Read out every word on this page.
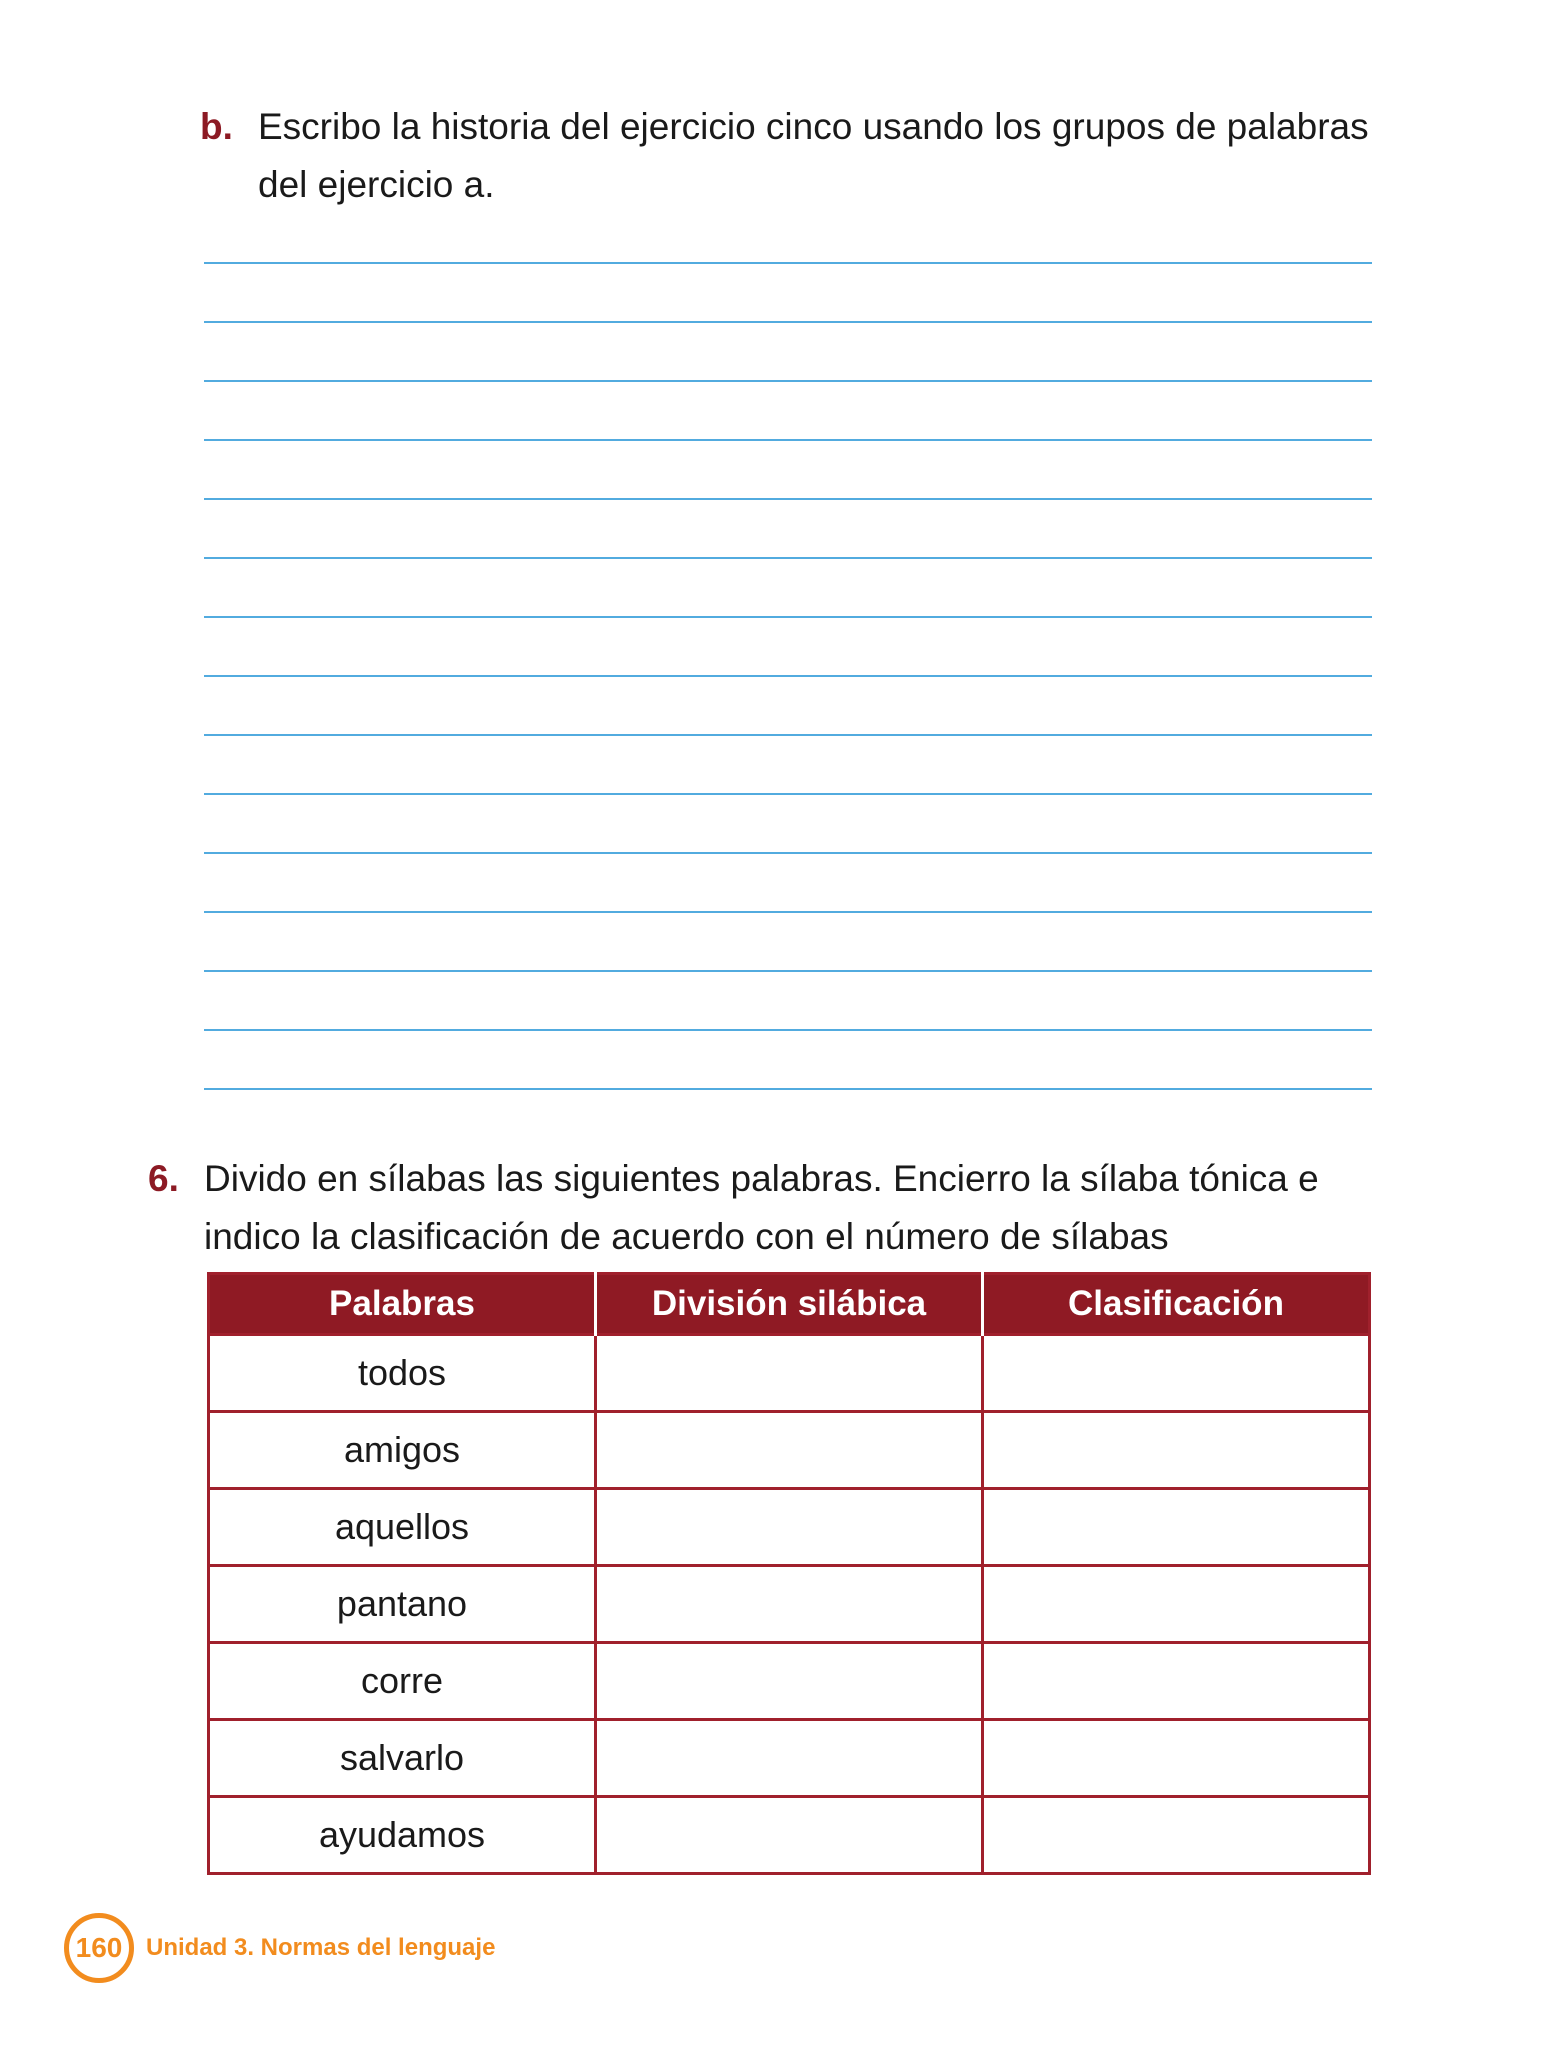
b. Escribo la historia del ejercicio cinco usando los grupos de palabras del ejercicio a.
6. Divido en sílabas las siguientes palabras. Encierro la sílaba tónica e indico la clasificación de acuerdo con el número de sílabas
Palabras	División silábica	Clasificación
todos		
amigos		
aquellos		
pantano		
corre		
salvarlo		
ayudamos		
160 Unidad 3. Normas del lenguaje
